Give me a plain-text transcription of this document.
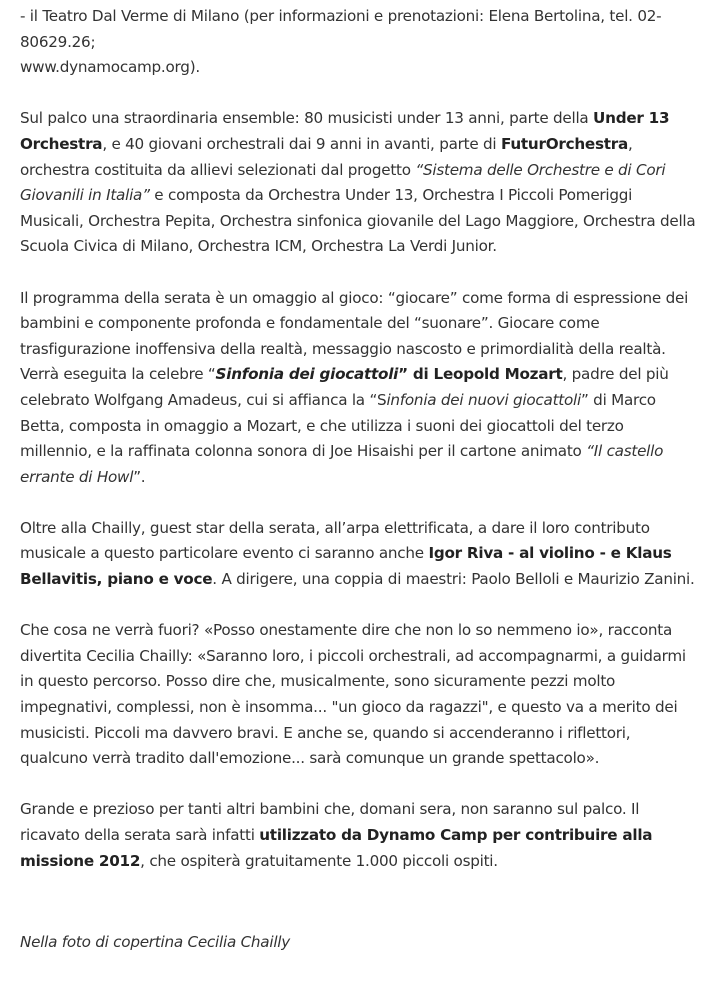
- il Teatro Dal Verme di Milano (per informazioni e prenotazioni: Elena Bertolina, tel. 02-80629.26;
www.dynamocamp.org).

Sul palco una straordinaria ensemble: 80 musicisti under 13 anni, parte della Under 13 Orchestra, e 40 giovani orchestrali dai 9 anni in avanti, parte di FuturOrchestra, orchestra costituita da allievi selezionati dal progetto “Sistema delle Orchestre e di Cori Giovanili in Italia” e composta da Orchestra Under 13, Orchestra I Piccoli Pomeriggi Musicali, Orchestra Pepita, Orchestra sinfonica giovanile del Lago Maggiore, Orchestra della Scuola Civica di Milano, Orchestra ICM, Orchestra La Verdi Junior.

Il programma della serata è un omaggio al gioco: “giocare” come forma di espressione dei bambini e componente profonda e fondamentale del “suonare”. Giocare come trasfigurazione inoffensiva della realtà, messaggio nascosto e primordialità della realtà. Verrà eseguita la celebre “Sinfonia dei giocattoli” di Leopold Mozart, padre del più celebrato Wolfgang Amadeus, cui si affianca la “Sinfonia dei nuovi giocattoli” di Marco Betta, composta in omaggio a Mozart, e che utilizza i suoni dei giocattoli del terzo millennio, e la raffinata colonna sonora di Joe Hisaishi per il cartone animato “Il castello errante di Howl”.

Oltre alla Chailly, guest star della serata, all’arpa elettrificata, a dare il loro contributo musicale a questo particolare evento ci saranno anche Igor Riva - al violino - e Klaus Bellavitis, piano e voce. A dirigere, una coppia di maestri: Paolo Belloli e Maurizio Zanini.

Che cosa ne verrà fuori? «Posso onestamente dire che non lo so nemmeno io», racconta divertita Cecilia Chailly: «Saranno loro, i piccoli orchestrali, ad accompagnarmi, a guidarmi in questo percorso. Posso dire che, musicalmente, sono sicuramente pezzi molto impegnativi, complessi, non è insomma... "un gioco da ragazzi", e questo va a merito dei musicisti. Piccoli ma davvero bravi. E anche se, quando si accenderanno i riflettori, qualcuno verrà tradito dall'emozione... sarà comunque un grande spettacolo».

Grande e prezioso per tanti altri bambini che, domani sera, non saranno sul palco. Il ricavato della serata sarà infatti utilizzato da Dynamo Camp per contribuire alla missione 2012, che ospiterà gratuitamente 1.000 piccoli ospiti.

Nella foto di copertina Cecilia Chailly
